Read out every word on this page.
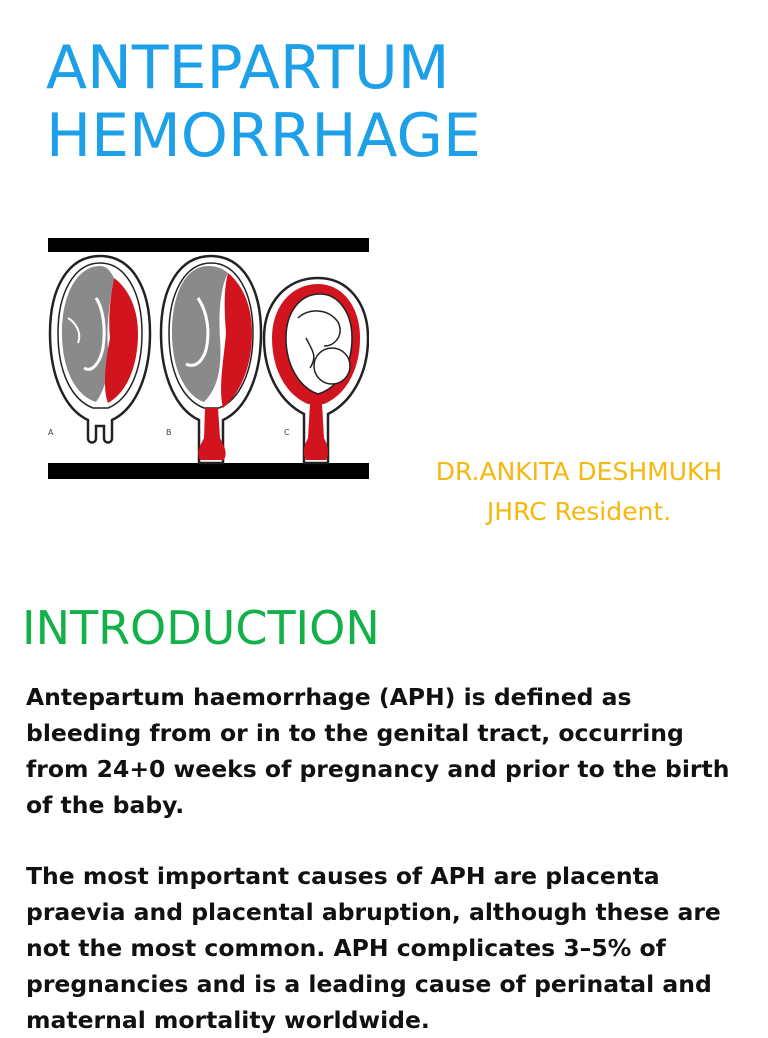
ANTEPARTUM
HEMORRHAGE
A	B	C
DR.ANKITA DESHMUKH
JHRC Resident.
INTRODUCTION

Antepartum haemorrhage (APH) is defined as bleeding from or in to the genital tract, occurring from 24+0 weeks of pregnancy and prior to the birth of the baby.

The most important causes of APH are placenta praevia and placental abruption, although these are not the most common. APH complicates 3–5% of pregnancies and is a leading cause of perinatal and maternal mortality worldwide.
